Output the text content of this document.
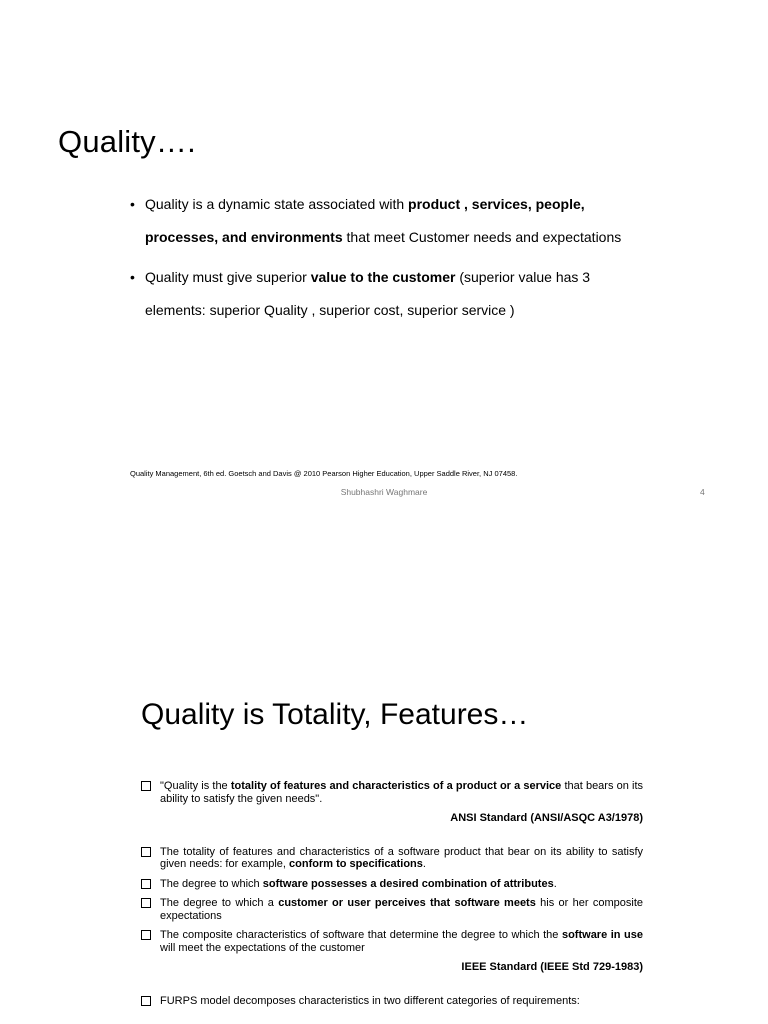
Quality….
• Quality is a dynamic state associated with product , services, people, processes, and environments that meet Customer needs and expectations
• Quality must give superior value to the customer (superior value has 3 elements: superior Quality , superior cost, superior service )
Quality Management, 6th ed. Goetsch and Davis @ 2010 Pearson Higher Education, Upper Saddle River, NJ 07458.
Shubhashri Waghmare	4
Quality is Totality, Features…
"Quality is the totality of features and characteristics of a product or a service that bears on its ability to satisfy the given needs".
ANSI Standard (ANSI/ASQC A3/1978)
The totality of features and characteristics of a software product that bear on its ability to satisfy given needs: for example, conform to specifications.
The degree to which software possesses a desired combination of attributes.
The degree to which a customer or user perceives that software meets his or her composite expectations
The composite characteristics of software that determine the degree to which the software in use will meet the expectations of the customer
IEEE Standard (IEEE Std 729-1983)
FURPS model decomposes characteristics in two different categories of requirements:
